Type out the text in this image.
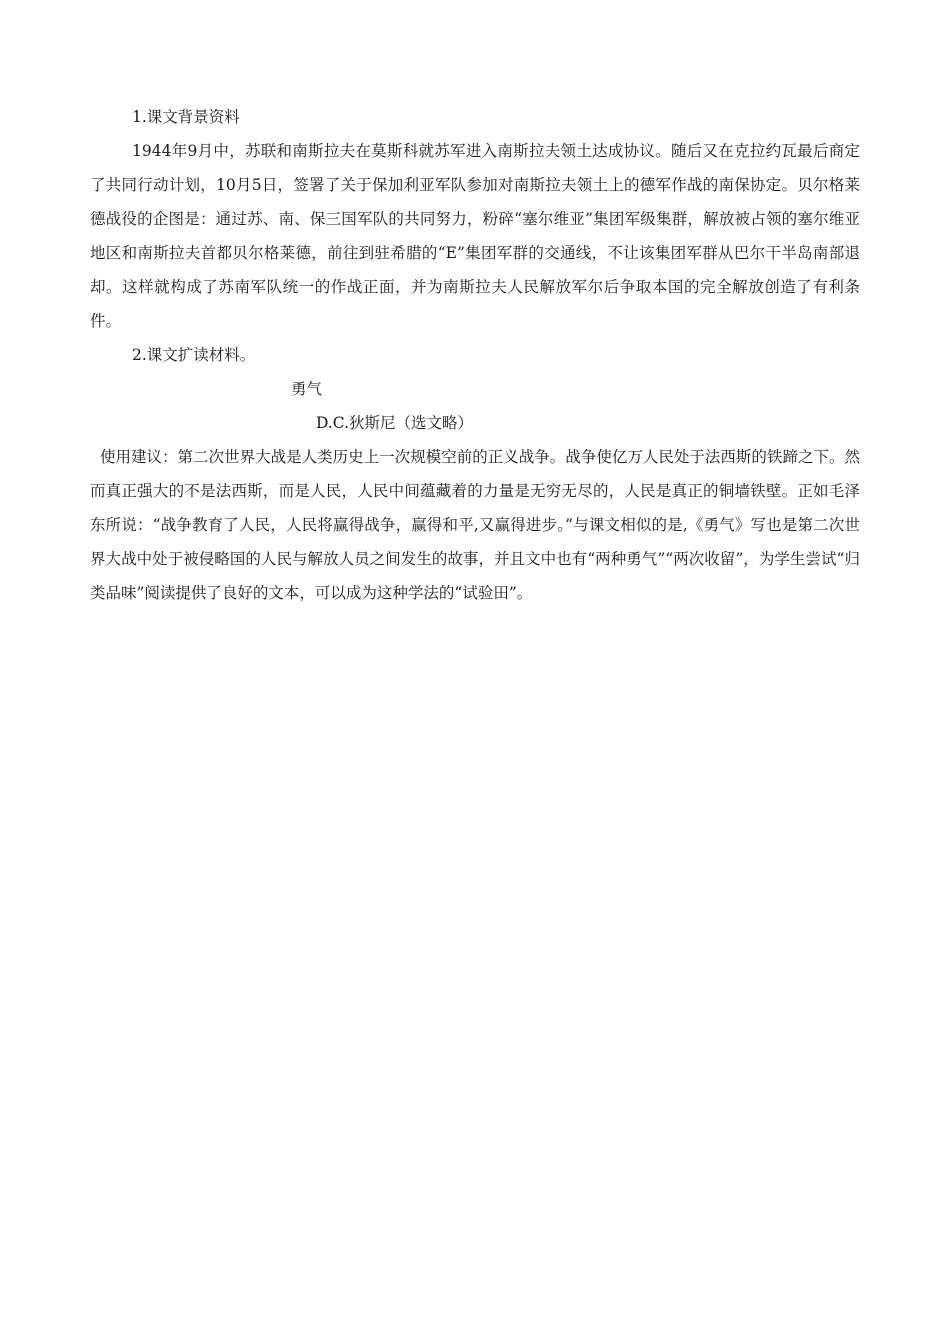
1.课文背景资料

1944年9月中，苏联和南斯拉夫在莫斯科就苏军进入南斯拉夫领土达成协议。随后又在克拉约瓦最后商定了共同行动计划，10月5日，签署了关于保加利亚军队参加对南斯拉夫领土上的德军作战的南保协定。贝尔格莱德战役的企图是：通过苏、南、保三国军队的共同努力，粉碎“塞尔维亚”集团军级集群，解放被占领的塞尔维亚地区和南斯拉夫首都贝尔格莱德，前往到驻希腊的“E”集团军群的交通线，不让该集团军群从巴尔干半岛南部退却。这样就构成了苏南军队统一的作战正面，并为南斯拉夫人民解放军尔后争取本国的完全解放创造了有利条件。

2.课文扩读材料。

勇气

D.C.狄斯尼（选文略）

使用建议：第二次世界大战是人类历史上一次规模空前的正义战争。战争使亿万人民处于法西斯的铁蹄之下。然而真正强大的不是法西斯，而是人民，人民中间蕴藏着的力量是无穷无尽的，人民是真正的铜墙铁壁。正如毛泽东所说：“战争教育了人民，人民将赢得战争，赢得和平,又赢得进步。”与课文相似的是,《勇气》写也是第二次世界大战中处于被侵略国的人民与解放人员之间发生的故事，并且文中也有“两种勇气”“两次收留”，为学生尝试“归类品味”阅读提供了良好的文本，可以成为这种学法的“试验田”。
